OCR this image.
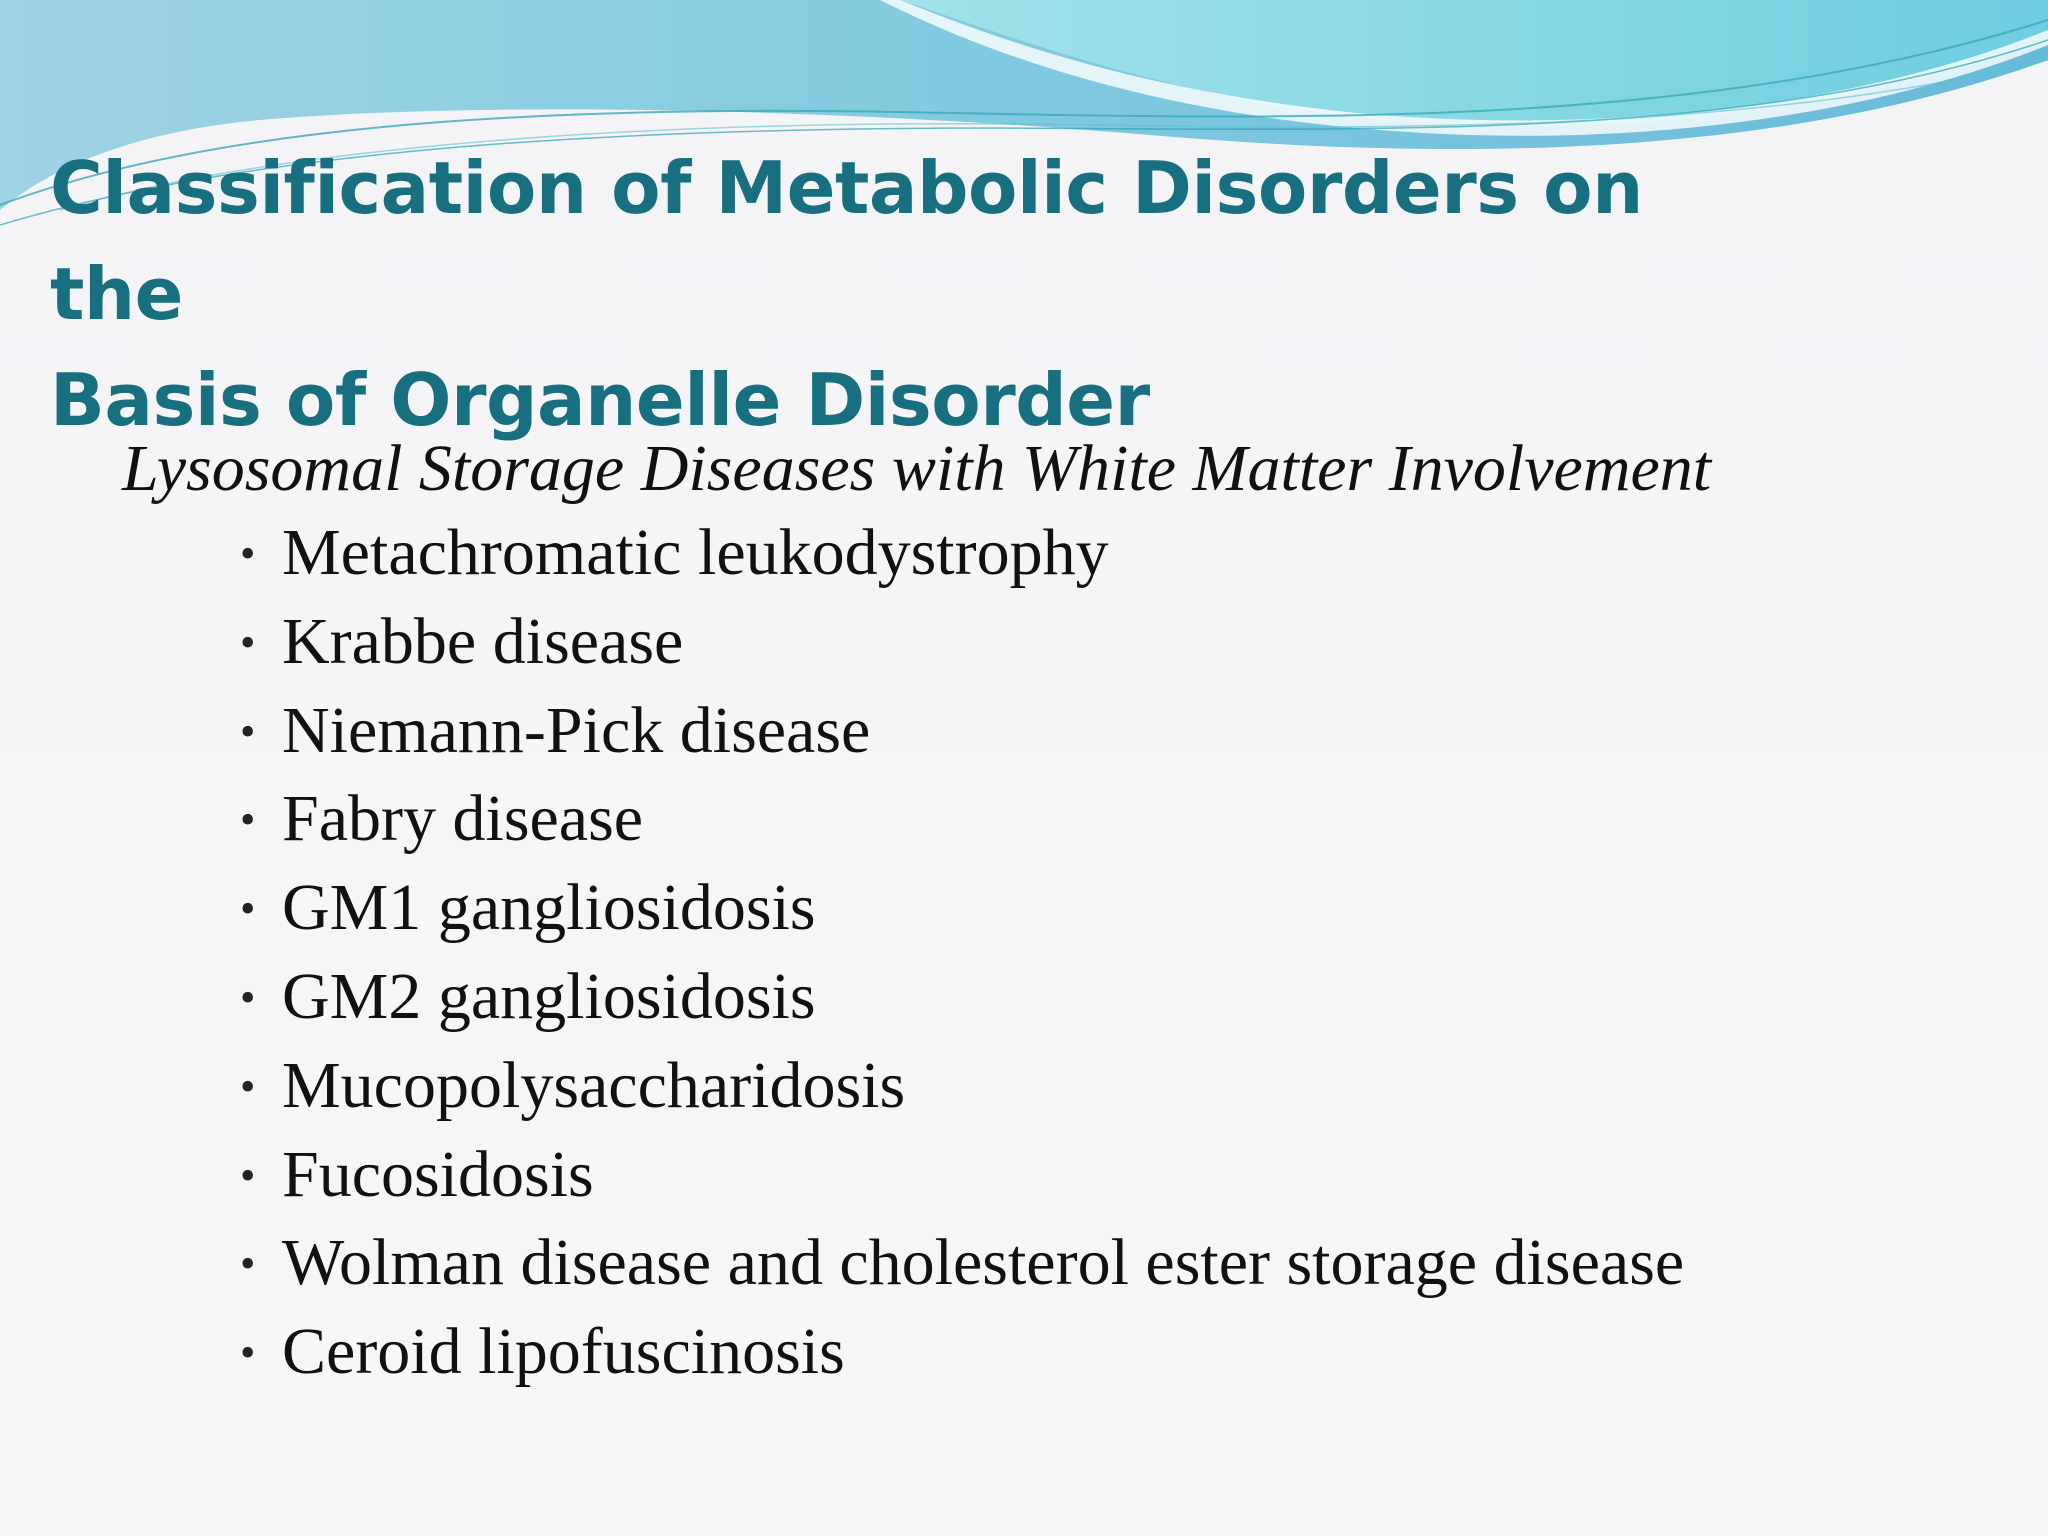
Classification of Metabolic Disorders on the
Basis of Organelle Disorder

Lysosomal Storage Diseases with White Matter Involvement

• Metachromatic leukodystrophy
• Krabbe disease
• Niemann-Pick disease
• Fabry disease
• GM1 gangliosidosis
• GM2 gangliosidosis
• Mucopolysaccharidosis
• Fucosidosis
• Wolman disease and cholesterol ester storage disease
• Ceroid lipofuscinosis
